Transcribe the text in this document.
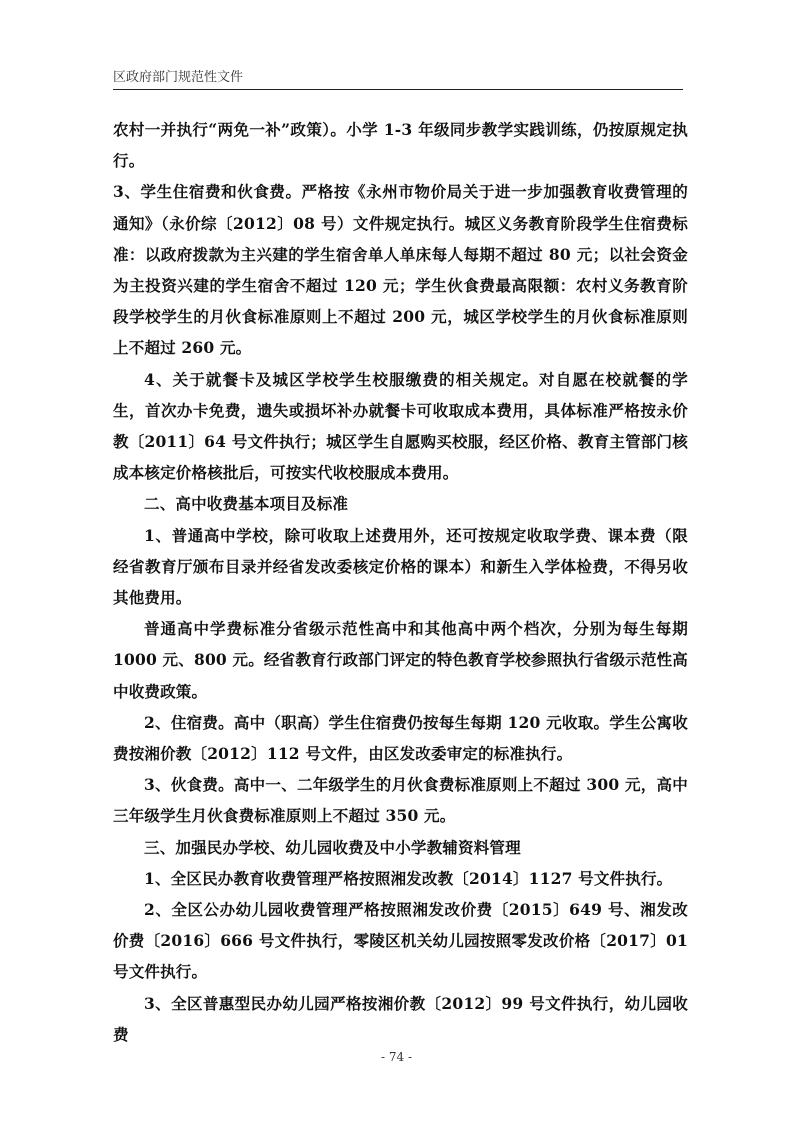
区政府部门规范性文件

农村一并执行“两免一补”政策）。小学 1-3 年级同步教学实践训练，仍按原规定执行。

3、学生住宿费和伙食费。严格按《永州市物价局关于进一步加强教育收费管理的通知》（永价综〔2012〕08 号）文件规定执行。城区义务教育阶段学生住宿费标准：以政府拨款为主兴建的学生宿舍单人单床每人每期不超过 80 元；以社会资金为主投资兴建的学生宿舍不超过 120 元；学生伙食费最高限额：农村义务教育阶段学校学生的月伙食标准原则上不超过 200 元，城区学校学生的月伙食标准原则上不超过 260 元。

4、关于就餐卡及城区学校学生校服缴费的相关规定。对自愿在校就餐的学生，首次办卡免费，遗失或损坏补办就餐卡可收取成本费用，具体标准严格按永价教〔2011〕64 号文件执行；城区学生自愿购买校服，经区价格、教育主管部门核成本核定价格核批后，可按实代收校服成本费用。

二、高中收费基本项目及标准

1、普通高中学校，除可收取上述费用外，还可按规定收取学费、课本费（限经省教育厅颁布目录并经省发改委核定价格的课本）和新生入学体检费，不得另收其他费用。

普通高中学费标准分省级示范性高中和其他高中两个档次，分别为每生每期 1000 元、800 元。经省教育行政部门评定的特色教育学校参照执行省级示范性高中收费政策。

2、住宿费。高中（职高）学生住宿费仍按每生每期 120 元收取。学生公寓收费按湘价教〔2012〕112 号文件，由区发改委审定的标准执行。

3、伙食费。高中一、二年级学生的月伙食费标准原则上不超过 300 元，高中三年级学生月伙食费标准原则上不超过 350 元。

三、加强民办学校、幼儿园收费及中小学教辅资料管理

1、全区民办教育收费管理严格按照湘发改教〔2014〕1127 号文件执行。

2、全区公办幼儿园收费管理严格按照湘发改价费〔2015〕649 号、湘发改价费〔2016〕666 号文件执行，零陵区机关幼儿园按照零发改价格〔2017〕01 号文件执行。

3、全区普惠型民办幼儿园严格按湘价教〔2012〕99 号文件执行，幼儿园收费

- 74 -
